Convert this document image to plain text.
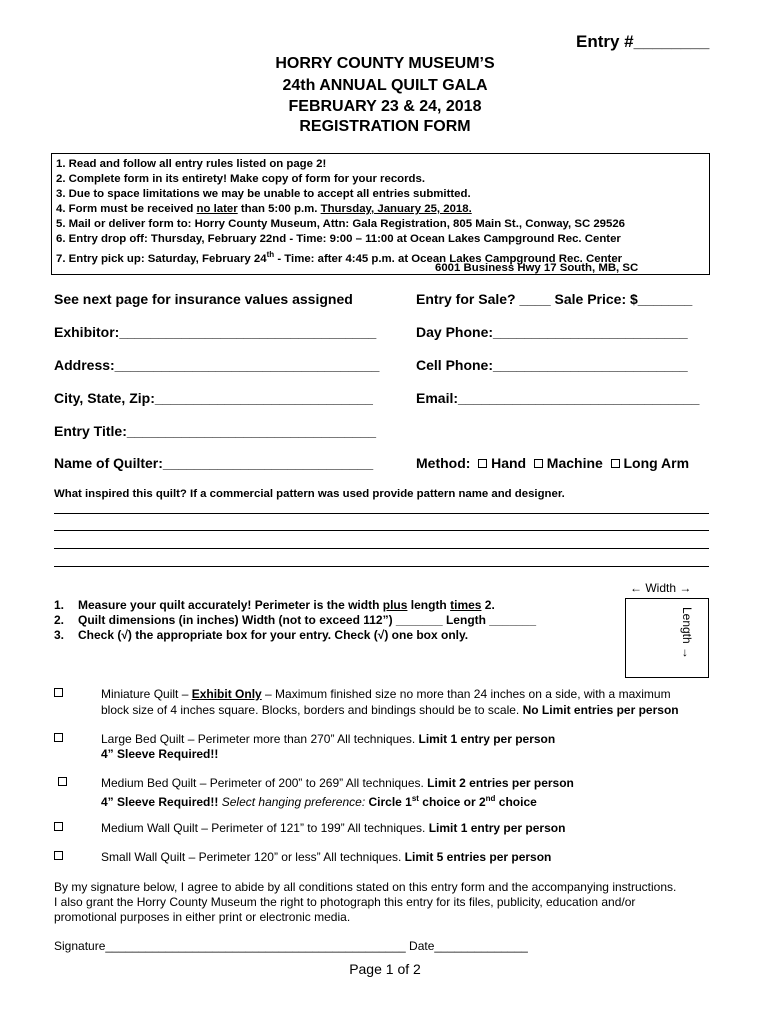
Entry #________
HORRY COUNTY MUSEUM’S
24th ANNUAL QUILT GALA
FEBRUARY 23 & 24, 2018
REGISTRATION FORM
1. Read and follow all entry rules listed on page 2!
2. Complete form in its entirety! Make copy of form for your records.
3. Due to space limitations we may be unable to accept all entries submitted.
4. Form must be received no later than 5:00 p.m. Thursday, January 25, 2018.
5. Mail or deliver form to: Horry County Museum, Attn: Gala Registration, 805 Main St., Conway, SC 29526
6. Entry drop off: Thursday, February 22nd - Time: 9:00 – 11:00 at Ocean Lakes Campground Rec. Center
7. Entry pick up: Saturday, February 24th - Time: after 4:45 p.m. at Ocean Lakes Campground Rec. Center
6001 Business Hwy 17 South, MB, SC
See next page for insurance values assigned	Entry for Sale? ____ Sale Price: $_______
Exhibitor:_________________________________	Day Phone:_________________________
Address:__________________________________	Cell Phone:_________________________
City, State, Zip:____________________________	Email:_______________________________
Entry Title:________________________________
Name of Quilter:___________________________	Method: Hand Machine Long Arm
What inspired this quilt? If a commercial pattern was used provide pattern name and designer.
1. Measure your quilt accurately! Perimeter is the width plus length times 2.
2. Quilt dimensions (in inches) Width (not to exceed 112”) _______ Length _______
3. Check (√) the appropriate box for your entry. Check (√) one box only.
← Width →
Length →
Miniature Quilt – Exhibit Only – Maximum finished size no more than 24 inches on a side, with a maximum
block size of 4 inches square. Blocks, borders and bindings should be to scale. No Limit entries per person
Large Bed Quilt – Perimeter more than 270” All techniques. Limit 1 entry per person
4” Sleeve Required!!
Medium Bed Quilt – Perimeter of 200” to 269” All techniques. Limit 2 entries per person
4” Sleeve Required!! Select hanging preference: Circle 1st choice or 2nd choice
Medium Wall Quilt – Perimeter of 121” to 199” All techniques. Limit 1 entry per person
Small Wall Quilt – Perimeter 120” or less” All techniques. Limit 5 entries per person
By my signature below, I agree to abide by all conditions stated on this entry form and the accompanying instructions.
I also grant the Horry County Museum the right to photograph this entry for its files, publicity, education and/or
promotional purposes in either print or electronic media.
Signature_____________________________________________ Date______________
Page 1 of 2
